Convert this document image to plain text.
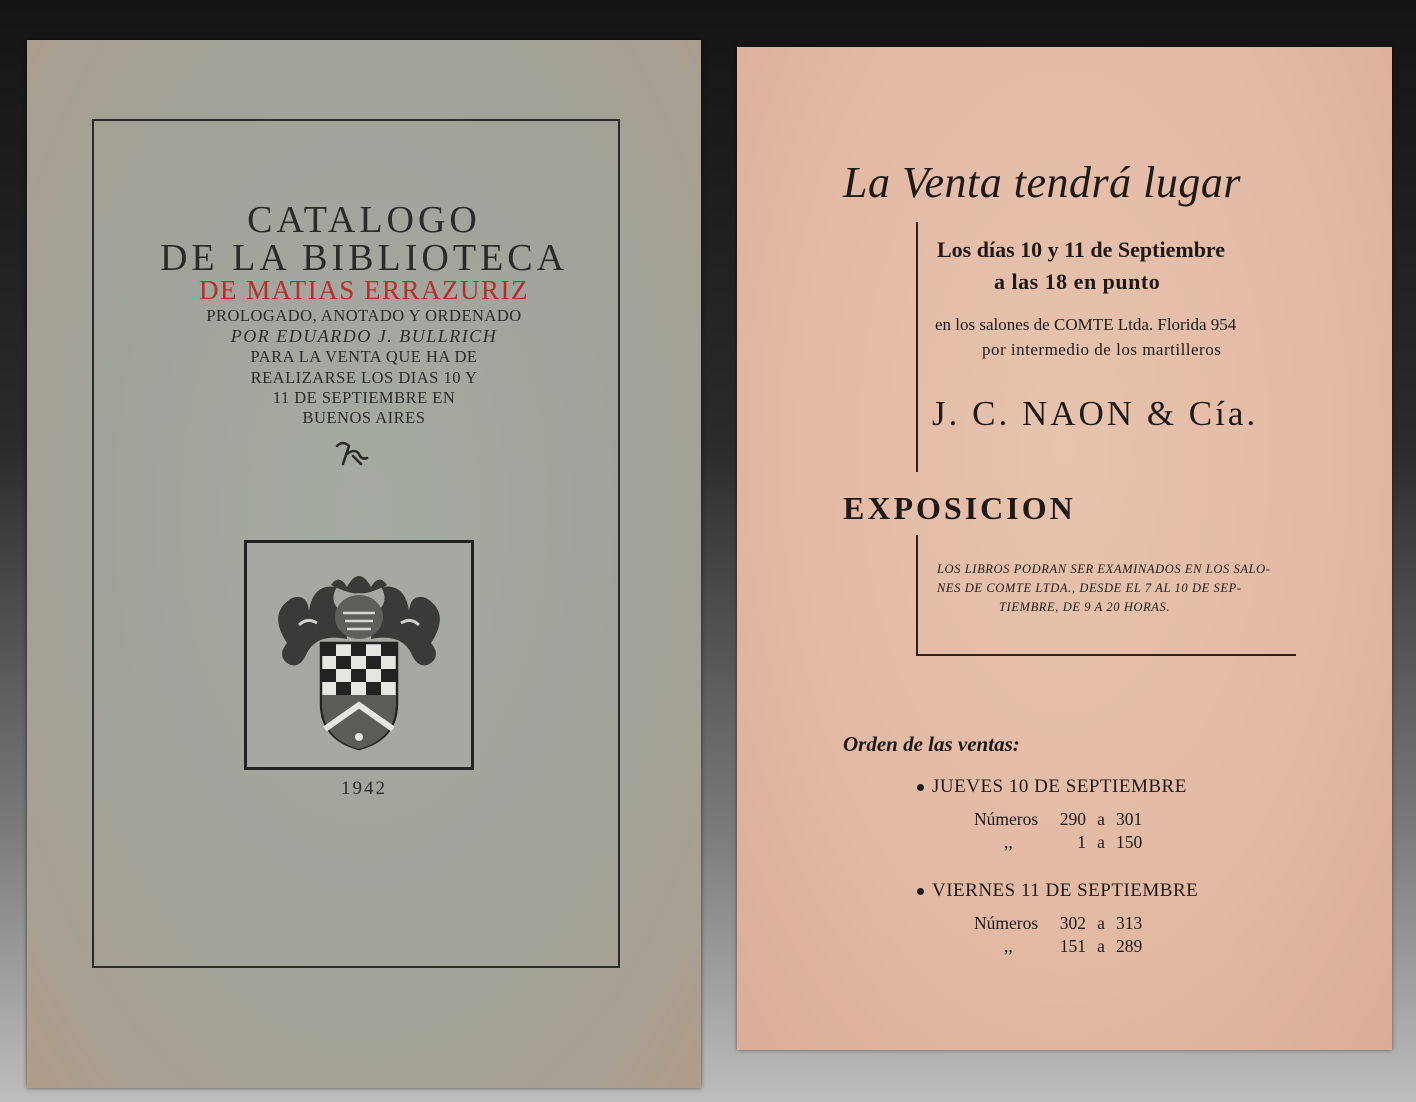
CATALOGO
DE LA BIBLIOTECA
DE MATIAS ERRAZURIZ
PROLOGADO, ANOTADO Y ORDENADO
POR EDUARDO J. BULLRICH
PARA LA VENTA QUE HA DE
REALIZARSE LOS DIAS 10 Y
11 DE SEPTIEMBRE EN
BUENOS AIRES
1942
La Venta tendrá lugar
Los días 10 y 11 de Septiembre
a las 18 en punto
en los salones de COMTE Ltda. Florida 954
por intermedio de los martilleros
J. C. NAON & Cía.
EXPOSICION
LOS LIBROS PODRAN SER EXAMINADOS EN LOS SALO-
NES DE COMTE LTDA., DESDE EL 7 AL 10 DE SEP-
TIEMBRE, DE 9 A 20 HORAS.
Orden de las ventas:
JUEVES 10 DE SEPTIEMBRE
Números 290 a 301
,,	1 a 150
VIERNES 11 DE SEPTIEMBRE
Números 302 a 313
,,	151 a 289
